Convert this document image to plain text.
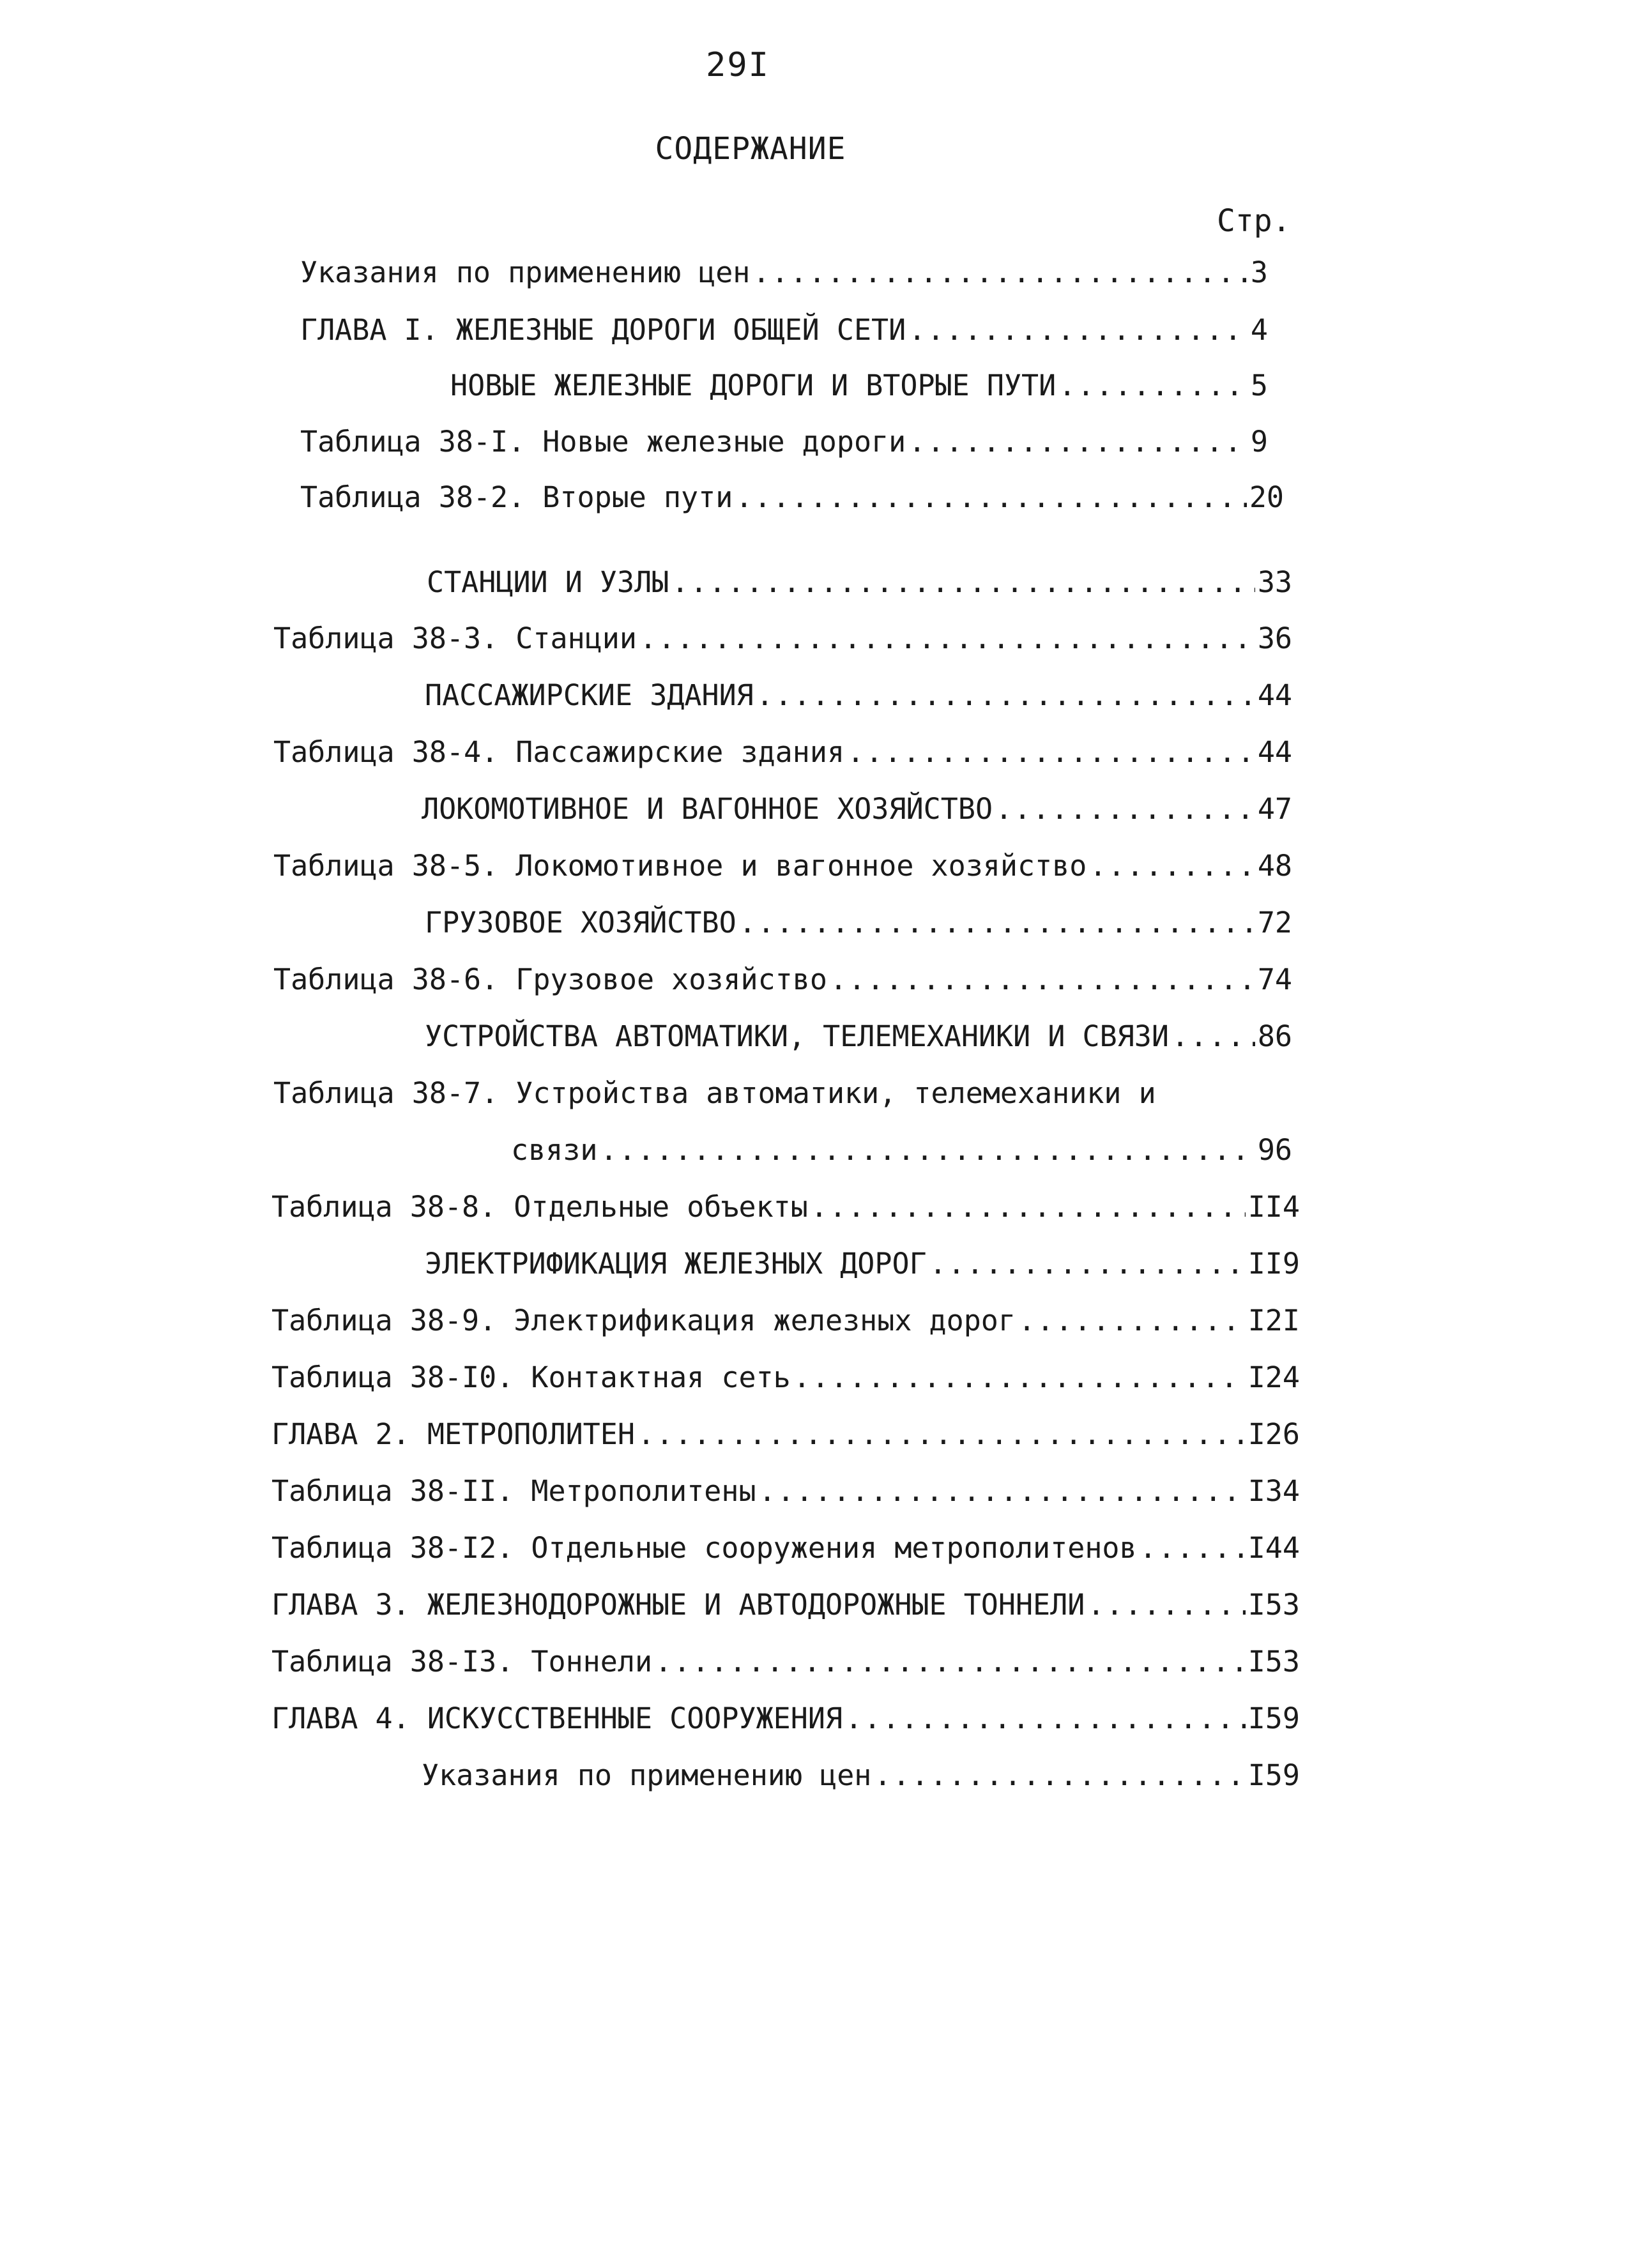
29I
СОДЕРЖАНИЕ
Стр.
Указания по применению цен .....	3
ГЛАВА I. ЖЕЛЕЗНЫЕ ДОРОГИ ОБЩЕЙ СЕТИ .....	4
НОВЫЕ ЖЕЛЕЗНЫЕ ДОРОГИ И ВТОРЫЕ ПУТИ .....	5
Таблица 38-I. Новые железные дороги .....	9
Таблица 38-2. Вторые пути .....	20
СТАНЦИИ И УЗЛЫ .....	33
Таблица 38-3. Станции .....	36
ПАССАЖИРСКИЕ ЗДАНИЯ .....	44
Таблица 38-4. Пассажирские здания .....	44
ЛОКОМОТИВНОЕ И ВАГОННОЕ ХОЗЯЙСТВО .....	47
Таблица 38-5. Локомотивное и вагонное хозяйство .....	48
ГРУЗОВОЕ ХОЗЯЙСТВО .....	72
Таблица 38-6. Грузовое хозяйство .....	74
УСТРОЙСТВА АВТОМАТИКИ, ТЕЛЕМЕХАНИКИ И СВЯЗИ .....	86
Таблица 38-7. Устройства автоматики, телемеханики и
связи .....	96
Таблица 38-8. Отдельные объекты .....	II4
ЭЛЕКТРИФИКАЦИЯ ЖЕЛЕЗНЫХ ДОРОГ .....	II9
Таблица 38-9. Электрификация железных дорог .....	I2I
Таблица 38-I0. Контактная сеть .....	I24
ГЛАВА 2. МЕТРОПОЛИТЕН .....	I26
Таблица 38-II. Метрополитены .....	I34
Таблица 38-I2. Отдельные сооружения метрополитенов .....	I44
ГЛАВА 3. ЖЕЛЕЗНОДОРОЖНЫЕ И АВТОДОРОЖНЫЕ ТОННЕЛИ .....	I53
Таблица 38-I3. Тоннели .....	I53
ГЛАВА 4. ИСКУССТВЕННЫЕ СООРУЖЕНИЯ .....	I59
Указания по применению цен .....	I59
